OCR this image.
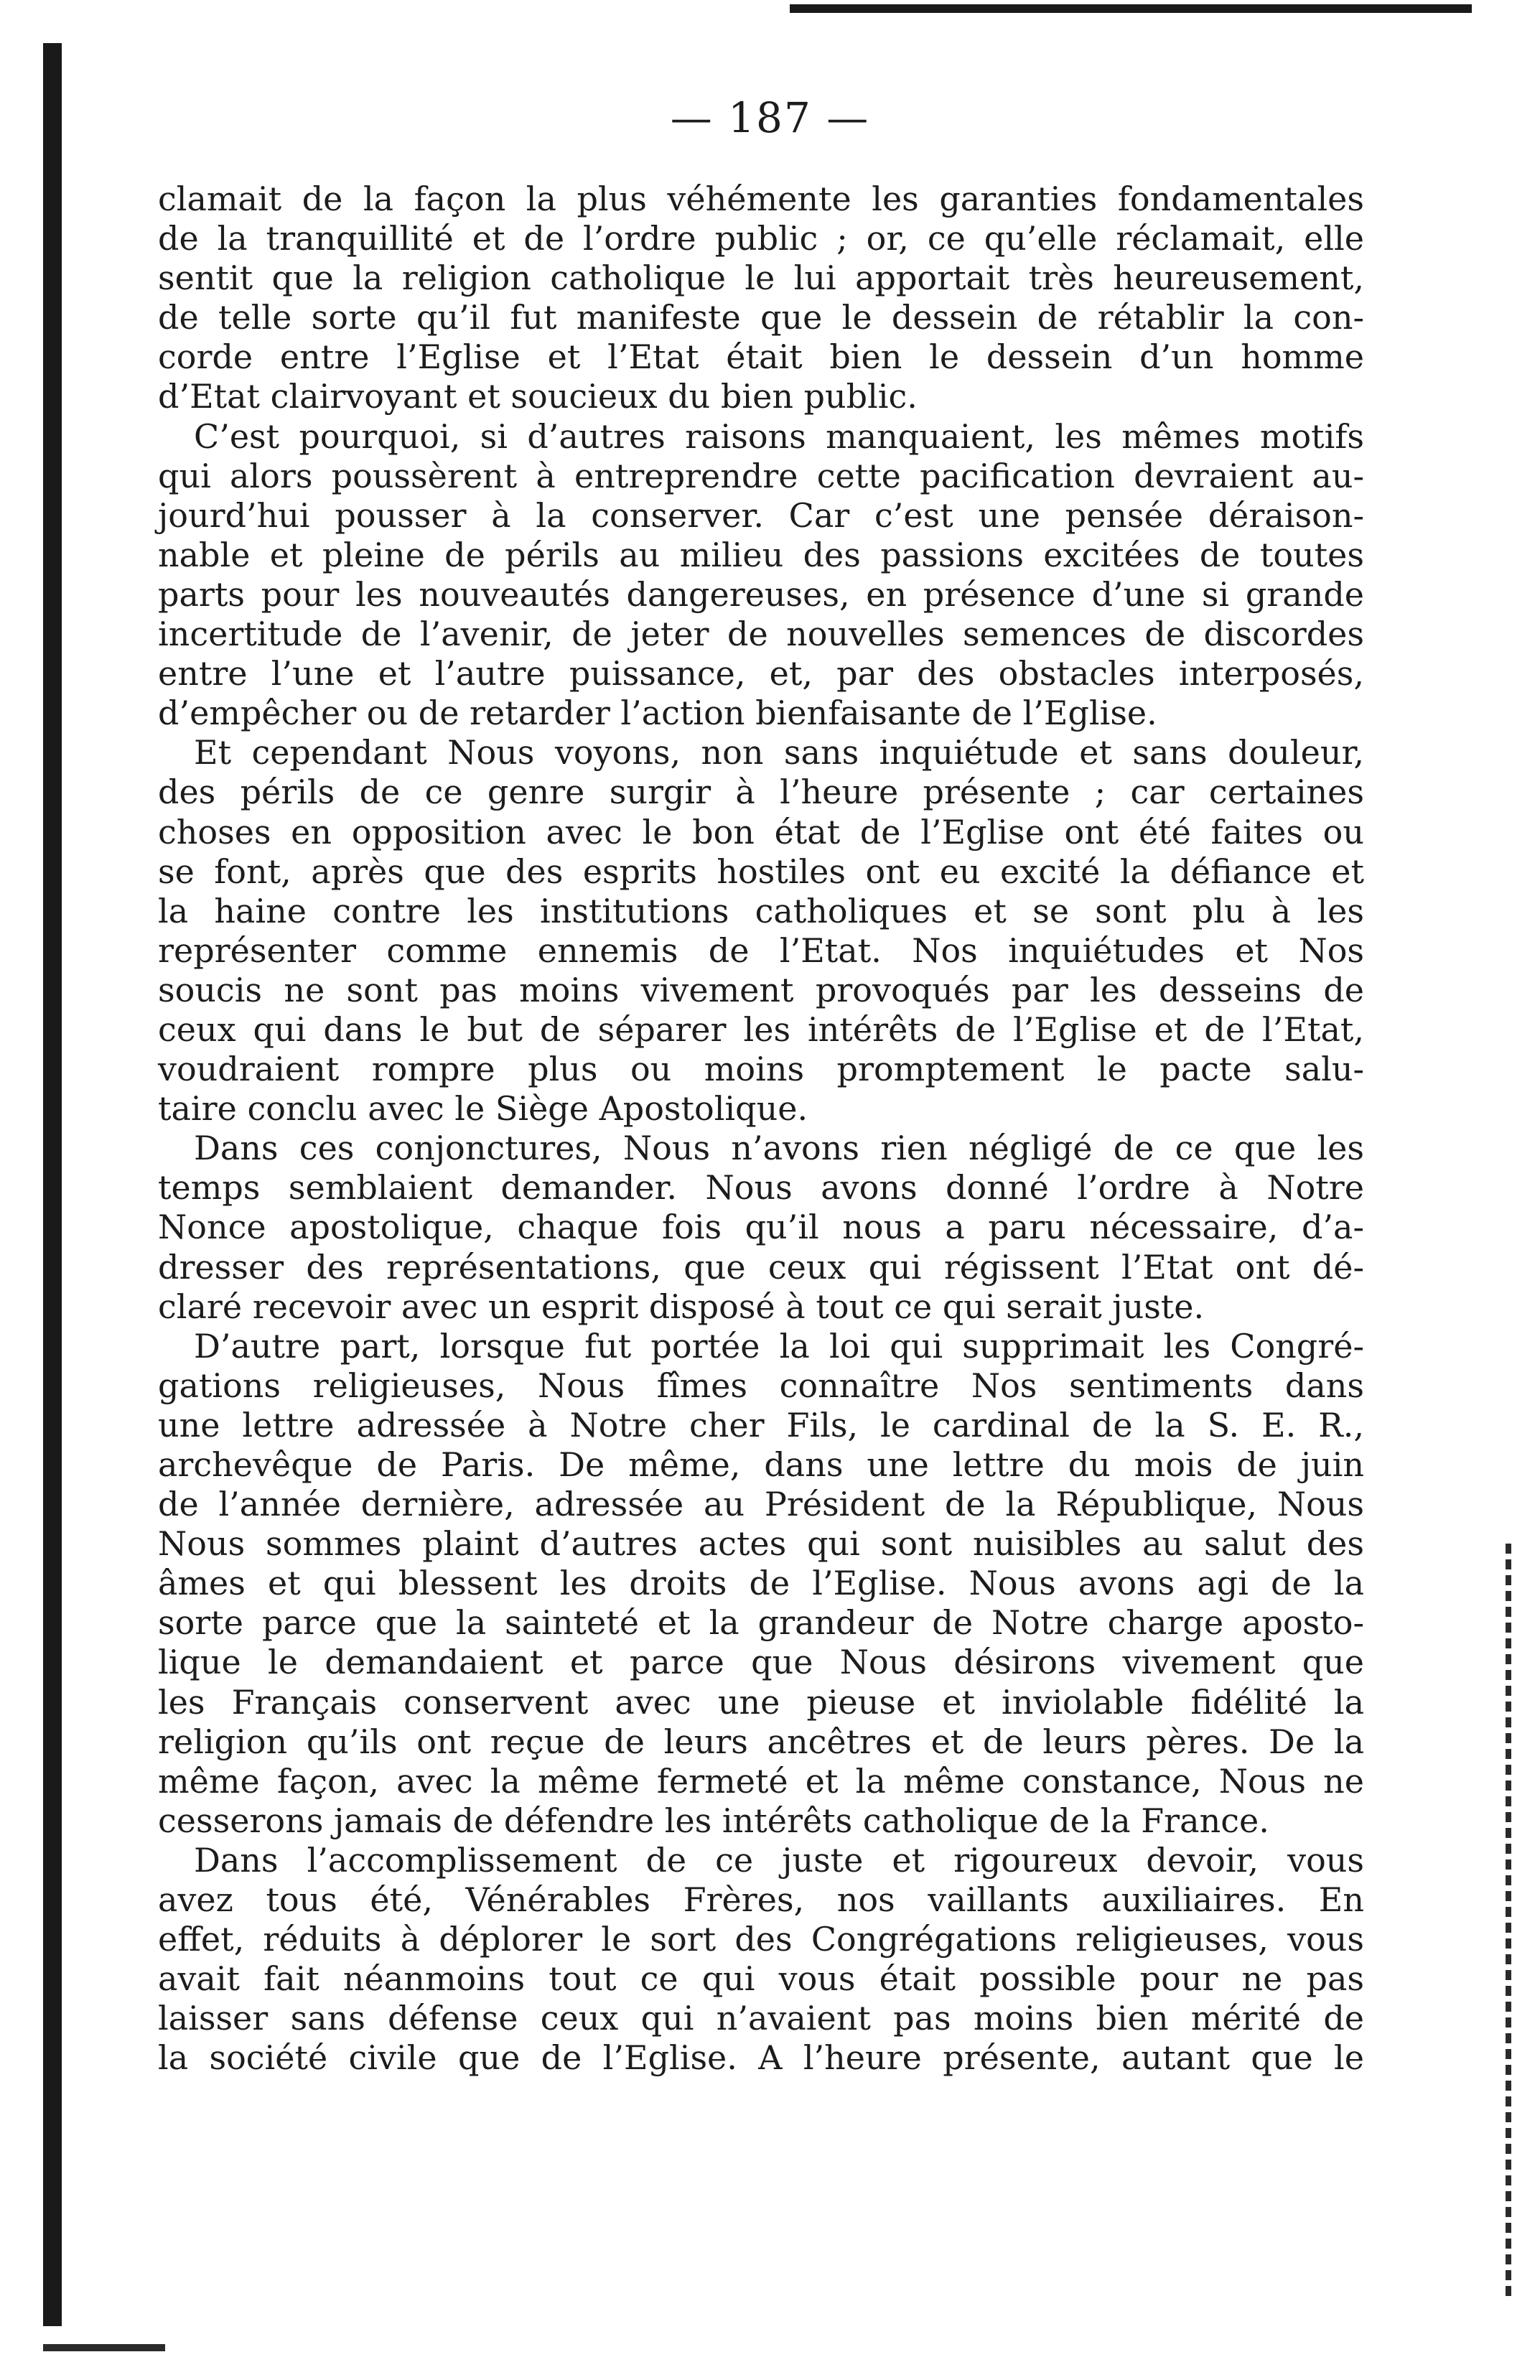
— 187 —
clamait de la façon la plus véhémente les garanties fondamentales
de la tranquillité et de l’ordre public ; or, ce qu’elle réclamait, elle
sentit que la religion catholique le lui apportait très heureusement,
de telle sorte qu’il fut manifeste que le dessein de rétablir la con-
corde entre l’Eglise et l’Etat était bien le dessein d’un homme
d’Etat clairvoyant et soucieux du bien public.
C’est pourquoi, si d’autres raisons manquaient, les mêmes motifs
qui alors poussèrent à entreprendre cette pacification devraient au-
jourd’hui pousser à la conserver. Car c’est une pensée déraison-
nable et pleine de périls au milieu des passions excitées de toutes
parts pour les nouveautés dangereuses, en présence d’une si grande
incertitude de l’avenir, de jeter de nouvelles semences de discordes
entre l’une et l’autre puissance, et, par des obstacles interposés,
d’empêcher ou de retarder l’action bienfaisante de l’Eglise.
Et cependant Nous voyons, non sans inquiétude et sans douleur,
des périls de ce genre surgir à l’heure présente ; car certaines
choses en opposition avec le bon état de l’Eglise ont été faites ou
se font, après que des esprits hostiles ont eu excité la défiance et
la haine contre les institutions catholiques et se sont plu à les
représenter comme ennemis de l’Etat. Nos inquiétudes et Nos
soucis ne sont pas moins vivement provoqués par les desseins de
ceux qui dans le but de séparer les intérêts de l’Eglise et de l’Etat,
voudraient rompre plus ou moins promptement le pacte salu-
taire conclu avec le Siège Apostolique.
Dans ces conjonctures, Nous n’avons rien négligé de ce que les
temps semblaient demander. Nous avons donné l’ordre à Notre
Nonce apostolique, chaque fois qu’il nous a paru nécessaire, d’a-
dresser des représentations, que ceux qui régissent l’Etat ont dé-
claré recevoir avec un esprit disposé à tout ce qui serait juste.
D’autre part, lorsque fut portée la loi qui supprimait les Congré-
gations religieuses, Nous fîmes connaître Nos sentiments dans
une lettre adressée à Notre cher Fils, le cardinal de la S. E. R.,
archevêque de Paris. De même, dans une lettre du mois de juin
de l’année dernière, adressée au Président de la République, Nous
Nous sommes plaint d’autres actes qui sont nuisibles au salut des
âmes et qui blessent les droits de l’Eglise. Nous avons agi de la
sorte parce que la sainteté et la grandeur de Notre charge aposto-
lique le demandaient et parce que Nous désirons vivement que
les Français conservent avec une pieuse et inviolable fidélité la
religion qu’ils ont reçue de leurs ancêtres et de leurs pères. De la
même façon, avec la même fermeté et la même constance, Nous ne
cesserons jamais de défendre les intérêts catholique de la France.
Dans l’accomplissement de ce juste et rigoureux devoir, vous
avez tous été, Vénérables Frères, nos vaillants auxiliaires. En
effet, réduits à déplorer le sort des Congrégations religieuses, vous
avait fait néanmoins tout ce qui vous était possible pour ne pas
laisser sans défense ceux qui n’avaient pas moins bien mérité de
la société civile que de l’Eglise. A l’heure présente, autant que le
